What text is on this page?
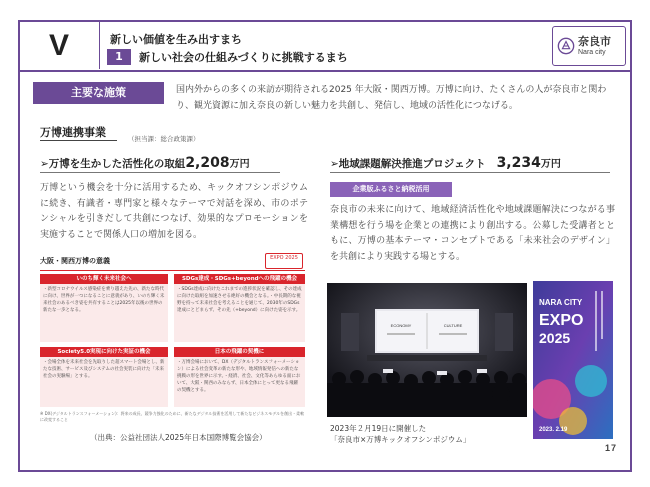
V	新しい価値を生み出すまち
1	新しい社会の仕組みづくりに挑戦するまち
奈良市
Nara city
主要な施策	国内外からの多くの来訪が期待される2025 年大阪・関西万博。万博に向け、たくさんの人が奈良市と関わり、観光資源に加え奈良の新しい魅力を共創し、発信し、地域の活性化につなげる。
万博連携事業	（担当課：総合政策課）
➢万博を生かした活性化の取組2,208万円
万博という機会を十分に活用するため、キックオフシンポジウムに続き、有識者・専門家と様々なテーマで対話を深め、市のポテンシャルを引きだして共創につなげ、効果的なプロモーションを実施することで関係人口の増加を図る。
➢地域課題解決推進プロジェクト 3,234万円
企業版ふるさと納税活用
奈良市の未来に向けて、地域経済活性化や地域課題解決につながる事業構想を行う場を企業との連携により創出する。公募した受講者とともに、万博の基本テーマ・コンセプトである「未来社会のデザイン」を共創により実践する場とする。
大阪・関西万博の意義	EXPO 2025
いのち輝く未来社会へ
・新型コロナウイルス感染症を乗り越えた先の、新たな時代に向け、世界が一つになることに意義があり、いのち輝く未来社会のあるべき姿を共有することは2025年以後の世界の新たな一歩となる。
SDGs達成・SDGs+beyondへの飛躍の機会
・SDGs達成に向けたこれまでの進捗状況を確認し、その達成に向けた取組を加速させる絶好の機会となる。・中長期的な視野を持って未来社会を考えることを通じて、2030年のSDGs達成にとどまらず、その先（+beyond）に向けた姿を示す。
Society5.0実現に向けた実証の機会
・会場全体を未来社会を先取りした超スマート会場とし、新たな技術、サービス及びシステムの社会実装に向けた「未来社会の実験場」とする。
日本の飛躍の契機に
・万博会場において、DX（デジタルトランスフォーメーション）による社会変革の新たな形や、地域情報発信への新たな挑戦の形を世界に示す。・経済、社会、文化等あらゆる面において、大阪・関西のみならず、日本全体にとって更なる飛躍の契機とする。
※ DX(デジタルトランスフォーメーション)：将来の成長、競争力強化のために、新たなデジタル技術を活用して新たなビジネスモデルを創出・柔軟に改変すること
（出典：公益社団法人2025年日本国際博覧会協会）
ECONOMY	CULTURE
NARA CITY
EXPO
2025
2023. 2.19
2023年２月19日に開催した
「奈良市×万博キックオフシンポジウム」
17
